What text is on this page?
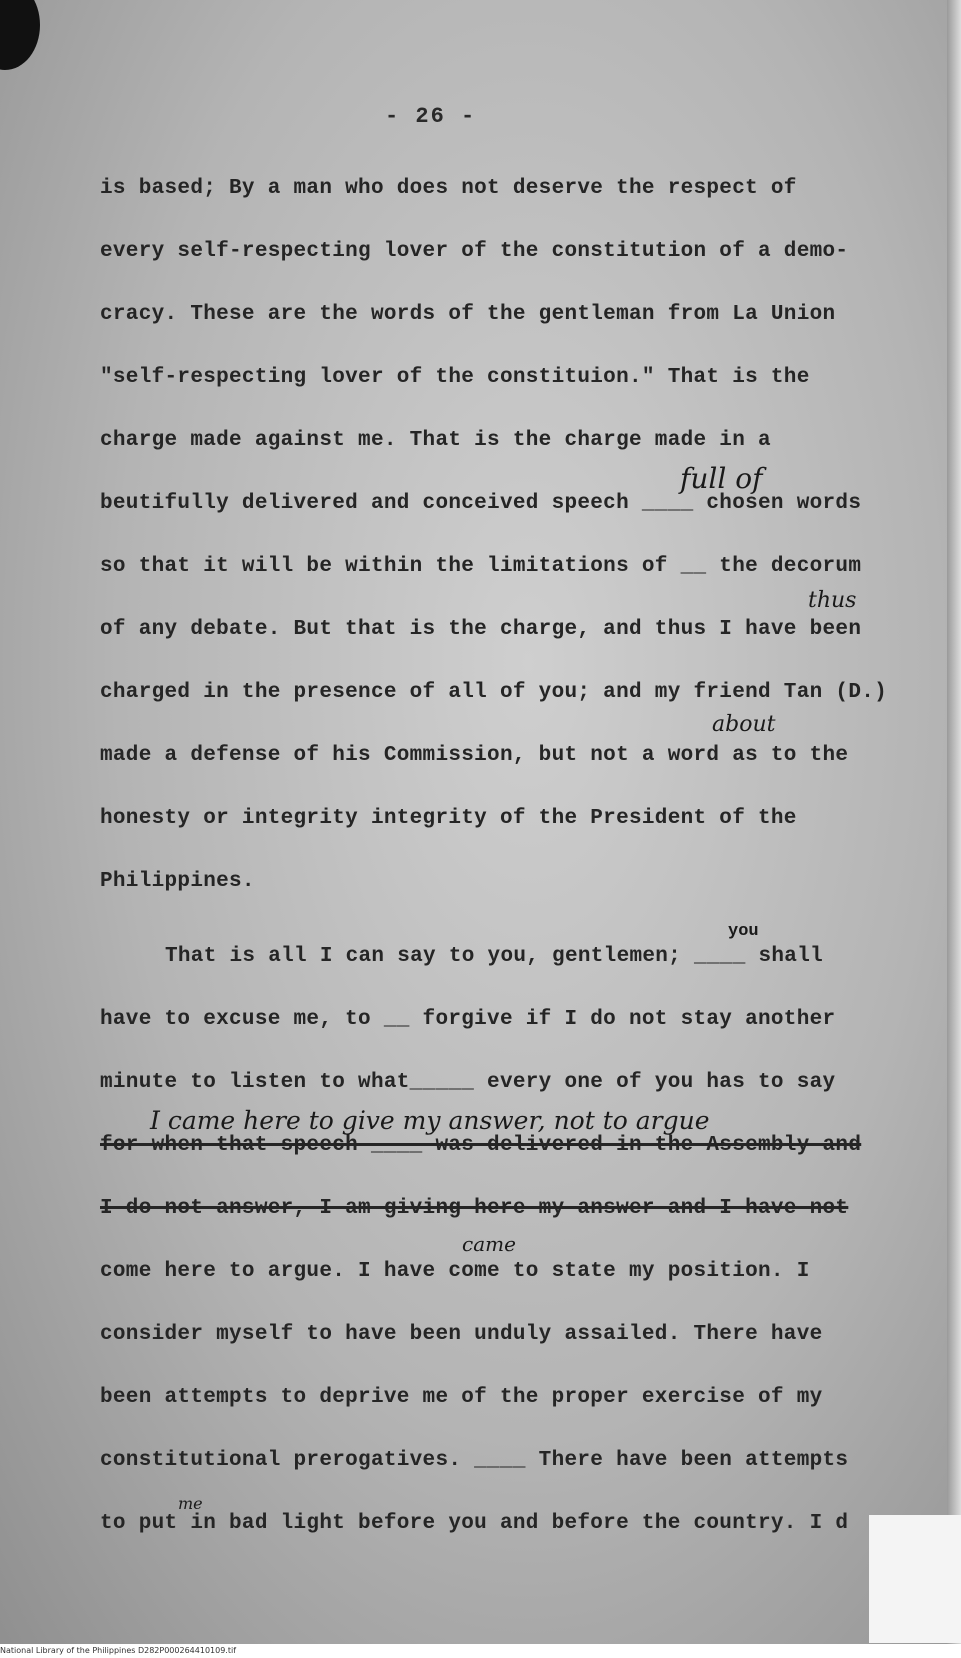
- 26 -
is based; By a man who does not deserve the respect of
every self-respecting lover of the constitution of a demo-
cracy. These are the words of the gentleman from La Union
"self-respecting lover of the constituion." That is the
charge made against me. That is the charge made in a
beutifully delivered and conceived speech ____ chosen words
so that it will be within the limitations of __ the decorum
of any debate. But that is the charge, and thus I have been
charged in the presence of all of you; and my friend Tan (D.)
made a defense of his Commission, but not a word as to the
honesty or integrity integrity of the President of the
Philippines.
That is all I can say to you, gentlemen; ____ shall
have to excuse me, to __ forgive if I do not stay another
minute to listen to what_____ every one of you has to say
for when that speech ____ was delivered in the Assembly and
I do not answer, I am giving here my answer and I have not
come here to argue. I have come to state my position. I
consider myself to have been unduly assailed. There have
been attempts to deprive me of the proper exercise of my
constitutional prerogatives. ____ There have been attempts
to put in bad light before you and before the country. I d
full of
thus
about
you
I came here to give my answer, not to argue
came
me
National Library of the Philippines D282P000264410109.tif
